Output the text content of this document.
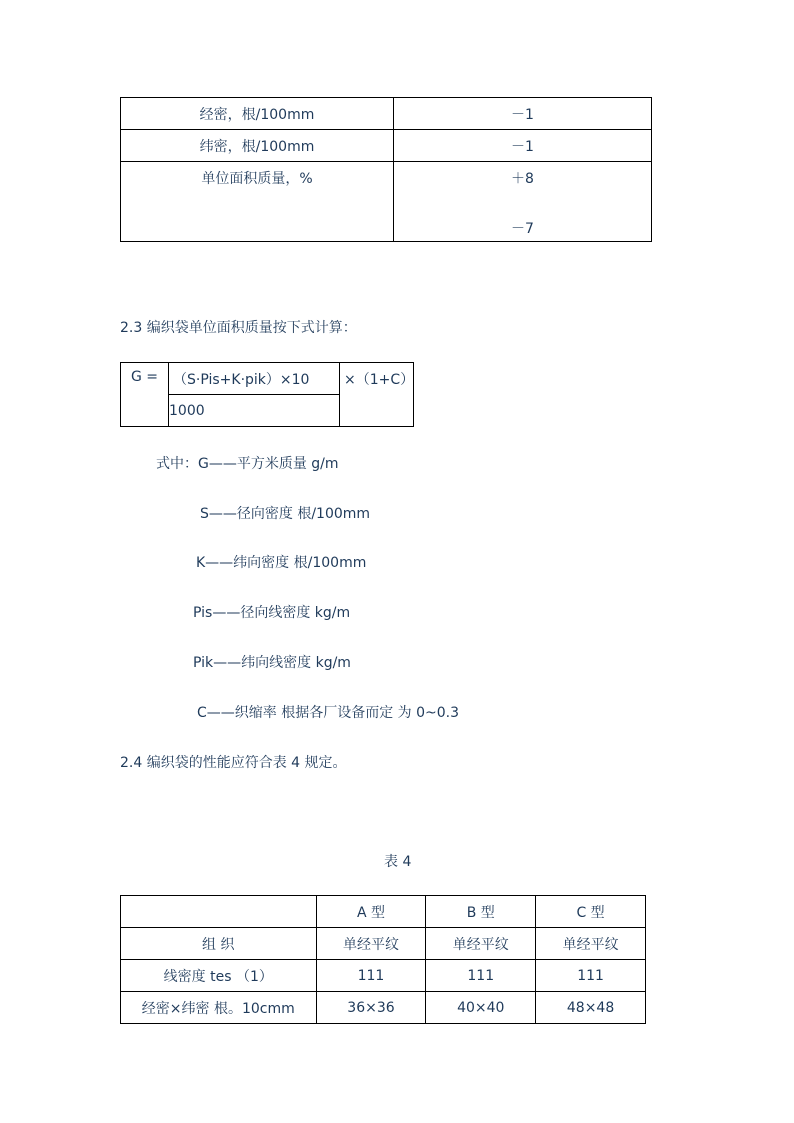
经密，根/100mm	－1
纬密，根/100mm	－1

单位面积质量，%	＋8
－7
2.3 编织袋单位面积质量按下式计算：
G =	（S·Pis+K·pik）×10	×（1+C）
1000
式中：G——平方米质量 g/m
S——径向密度 根/100mm
K——纬向密度 根/100mm
Pis——径向线密度 kg/m
Pik——纬向线密度 kg/m
C——织缩率 根据各厂设备而定 为 0~0.3
2.4 编织袋的性能应符合表 4 规定。
表 4
	A 型	B 型	C 型
组 织	单经平纹	单经平纹	单经平纹
线密度 tes （1）	111	111	111
经密×纬密 根。10cmm	36×36	40×40	48×48
